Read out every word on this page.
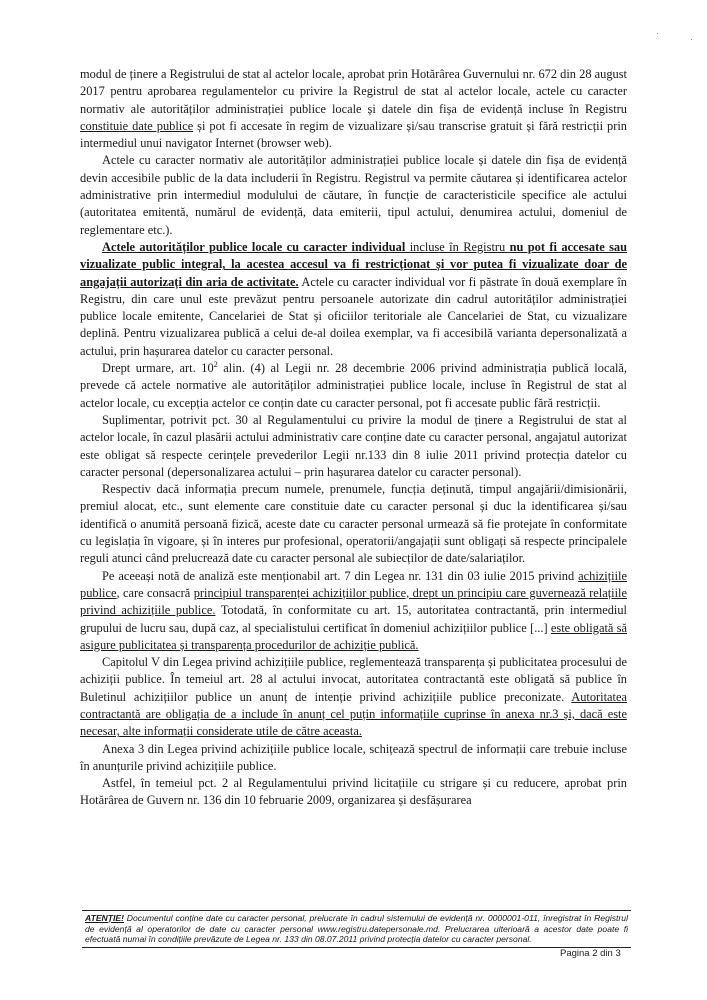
modul de ținere a Registrului de stat al actelor locale, aprobat prin Hotărârea Guvernului nr. 672 din 28 august 2017 pentru aprobarea regulamentelor cu privire la Registrul de stat al actelor locale, actele cu caracter normativ ale autorităților administrației publice locale și datele din fișa de evidență incluse în Registru constituie date publice și pot fi accesate în regim de vizualizare și/sau transcrise gratuit și fără restricții prin intermediul unui navigator Internet (browser web).

Actele cu caracter normativ ale autorităților administrației publice locale și datele din fișa de evidență devin accesibile public de la data includerii în Registru. Registrul va permite căutarea și identificarea actelor administrative prin intermediul modulului de căutare, în funcție de caracteristicile specifice ale actului (autoritatea emitentă, numărul de evidență, data emiterii, tipul actului, denumirea actului, domeniul de reglementare etc.).

Actele autorităților publice locale cu caracter individual incluse în Registru nu pot fi accesate sau vizualizate public integral, la acestea accesul va fi restricționat și vor putea fi vizualizate doar de angajații autorizați din aria de activitate. Actele cu caracter individual vor fi păstrate în două exemplare în Registru, din care unul este prevăzut pentru persoanele autorizate din cadrul autorităților administrației publice locale emitente, Cancelariei de Stat și oficiilor teritoriale ale Cancelariei de Stat, cu vizualizare deplină. Pentru vizualizarea publică a celui de-al doilea exemplar, va fi accesibilă varianta depersonalizată a actului, prin hașurarea datelor cu caracter personal.

Drept urmare, art. $10^2$ alin. (4) al Legii nr. 28 decembrie 2006 privind administrația publică locală, prevede că actele normative ale autorităților administrației publice locale, incluse în Registrul de stat al actelor locale, cu excepția actelor ce conțin date cu caracter personal, pot fi accesate public fără restricții.

Suplimentar, potrivit pct. 30 al Regulamentului cu privire la modul de ținere a Registrului de stat al actelor locale, în cazul plasării actului administrativ care conține date cu caracter personal, angajatul autorizat este obligat să respecte cerințele prevederilor Legii nr.133 din 8 iulie 2011 privind protecția datelor cu caracter personal (depersonalizarea actului – prin hașurarea datelor cu caracter personal).

Respectiv dacă informația precum numele, prenumele, funcția deținută, timpul angajării/dimisionării, premiul alocat, etc., sunt elemente care constituie date cu caracter personal și duc la identificarea și/sau identifică o anumită persoană fizică, aceste date cu caracter personal urmează să fie protejate în conformitate cu legislația în vigoare, și în interes pur profesional, operatorii/angajații sunt obligați să respecte principalele reguli atunci când prelucrează date cu caracter personal ale subiecților de date/salariaților.

Pe aceeași notă de analiză este menționabil art. 7 din Legea nr. 131 din 03 iulie 2015 privind achizițiile publice, care consacră principiul transparenței achizițiilor publice, drept un principiu care guvernează relațiile privind achizițiile publice. Totodată, în conformitate cu art. 15, autoritatea contractantă, prin intermediul grupului de lucru sau, după caz, al specialistului certificat în domeniul achizițiilor publice [...] este obligată să asigure publicitatea și transparența procedurilor de achiziție publică.

Capitolul V din Legea privind achizițiile publice, reglementează transparența și publicitatea procesului de achiziții publice. În temeiul art. 28 al actului invocat, autoritatea contractantă este obligată să publice în Buletinul achizițiilor publice un anunț de intenție privind achizițiile publice preconizate. Autoritatea contractantă are obligația de a include în anunț cel puțin informațiile cuprinse în anexa nr.3 și, dacă este necesar, alte informații considerate utile de către aceasta.

Anexa 3 din Legea privind achizițiile publice locale, schițează spectrul de informații care trebuie incluse în anunțurile privind achizițiile publice.

Astfel, în temeiul pct. 2 al Regulamentului privind licitațiile cu strigare și cu reducere, aprobat prin Hotărârea de Guvern nr. 136 din 10 februarie 2009, organizarea și desfășurarea

ATENȚIE! Documentul conține date cu caracter personal, prelucrate în cadrul sistemului de evidență nr. 0000001-011, înregistrat în Registrul de evidență al operatorilor de date cu caracter personal www.registru.datepersonale.md. Prelucrarea ulterioară a acestor date poate fi efectuată numai în condițiile prevăzute de Legea nr. 133 din 08.07.2011 privind protecția datelor cu caracter personal.
Pagina 2 din 3
·
·
